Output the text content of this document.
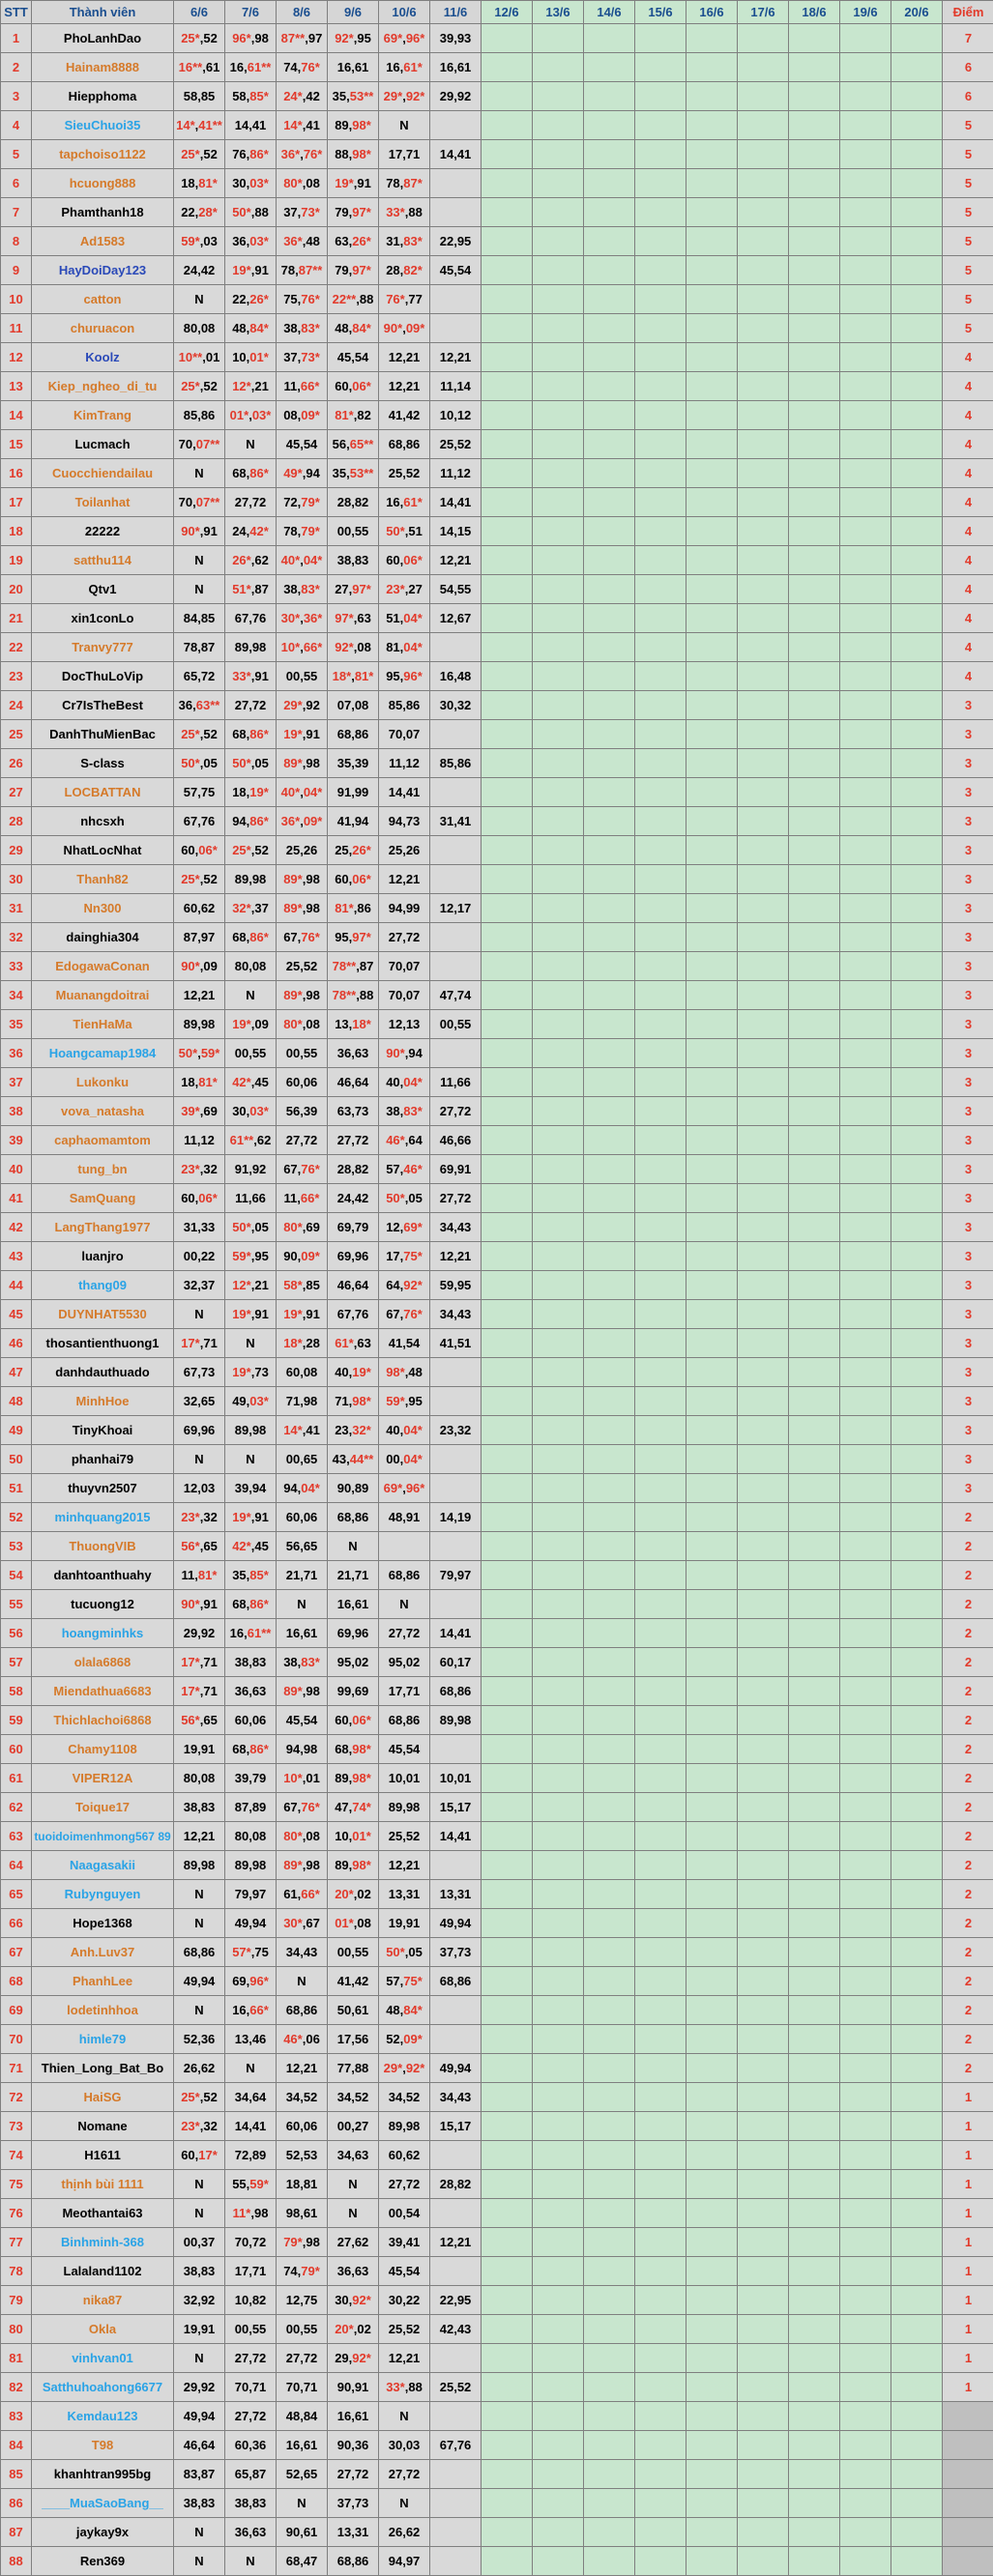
STT	Thành viên	6/6	7/6	8/6	9/6	10/6	11/6	12/6	13/6	14/6	15/6	16/6	17/6	18/6	19/6	20/6	Điểm
1	PhoLanhDao	25*,52	96*,98	87**,97	92*,95	69*,96*	39,93										7
2	Hainam8888	16**,61	16,61**	74,76*	16,61	16,61*	16,61										6
3	Hiepphoma	58,85	58,85*	24*,42	35,53**	29*,92*	29,92										6
4	SieuChuoi35	14*,41**	14,41	14*,41	89,98*	N											5
5	tapchoiso1122	25*,52	76,86*	36*,76*	88,98*	17,71	14,41										5
6	hcuong888	18,81*	30,03*	80*,08	19*,91	78,87*											5
7	Phamthanh18	22,28*	50*,88	37,73*	79,97*	33*,88											5
8	Ad1583	59*,03	36,03*	36*,48	63,26*	31,83*	22,95										5
9	HayDoiDay123	24,42	19*,91	78,87**	79,97*	28,82*	45,54										5
10	catton	N	22,26*	75,76*	22**,88	76*,77											5
11	churuacon	80,08	48,84*	38,83*	48,84*	90*,09*											5
12	Koolz	10**,01	10,01*	37,73*	45,54	12,21	12,21										4
13	Kiep_ngheo_di_tu	25*,52	12*,21	11,66*	60,06*	12,21	11,14										4
14	KimTrang	85,86	01*,03*	08,09*	81*,82	41,42	10,12										4
15	Lucmach	70,07**	N	45,54	56,65**	68,86	25,52										4
16	Cuocchiendailau	N	68,86*	49*,94	35,53**	25,52	11,12										4
17	Toilanhat	70,07**	27,72	72,79*	28,82	16,61*	14,41										4
18	22222	90*,91	24,42*	78,79*	00,55	50*,51	14,15										4
19	satthu114	N	26*,62	40*,04*	38,83	60,06*	12,21										4
20	Qtv1	N	51*,87	38,83*	27,97*	23*,27	54,55										4
21	xin1conLo	84,85	67,76	30*,36*	97*,63	51,04*	12,67										4
22	Tranvy777	78,87	89,98	10*,66*	92*,08	81,04*											4
23	DocThuLoVip	65,72	33*,91	00,55	18*,81*	95,96*	16,48										4
24	Cr7IsTheBest	36,63**	27,72	29*,92	07,08	85,86	30,32										3
25	DanhThuMienBac	25*,52	68,86*	19*,91	68,86	70,07											3
26	S-class	50*,05	50*,05	89*,98	35,39	11,12	85,86										3
27	LOCBATTAN	57,75	18,19*	40*,04*	91,99	14,41											3
28	nhcsxh	67,76	94,86*	36*,09*	41,94	94,73	31,41										3
29	NhatLocNhat	60,06*	25*,52	25,26	25,26*	25,26											3
30	Thanh82	25*,52	89,98	89*,98	60,06*	12,21											3
31	Nn300	60,62	32*,37	89*,98	81*,86	94,99	12,17										3
32	dainghia304	87,97	68,86*	67,76*	95,97*	27,72											3
33	EdogawaConan	90*,09	80,08	25,52	78**,87	70,07											3
34	Muanangdoitrai	12,21	N	89*,98	78**,88	70,07	47,74										3
35	TienHaMa	89,98	19*,09	80*,08	13,18*	12,13	00,55										3
36	Hoangcamap1984	50*,59*	00,55	00,55	36,63	90*,94											3
37	Lukonku	18,81*	42*,45	60,06	46,64	40,04*	11,66										3
38	vova_natasha	39*,69	30,03*	56,39	63,73	38,83*	27,72										3
39	caphaomamtom	11,12	61**,62	27,72	27,72	46*,64	46,66										3
40	tung_bn	23*,32	91,92	67,76*	28,82	57,46*	69,91										3
41	SamQuang	60,06*	11,66	11,66*	24,42	50*,05	27,72										3
42	LangThang1977	31,33	50*,05	80*,69	69,79	12,69*	34,43										3
43	luanjro	00,22	59*,95	90,09*	69,96	17,75*	12,21										3
44	thang09	32,37	12*,21	58*,85	46,64	64,92*	59,95										3
45	DUYNHAT5530	N	19*,91	19*,91	67,76	67,76*	34,43										3
46	thosantienthuong1	17*,71	N	18*,28	61*,63	41,54	41,51										3
47	danhdauthuado	67,73	19*,73	60,08	40,19*	98*,48											3
48	MinhHoe	32,65	49,03*	71,98	71,98*	59*,95											3
49	TinyKhoai	69,96	89,98	14*,41	23,32*	40,04*	23,32										3
50	phanhai79	N	N	00,65	43,44**	00,04*											3
51	thuyvn2507	12,03	39,94	94,04*	90,89	69*,96*											3
52	minhquang2015	23*,32	19*,91	60,06	68,86	48,91	14,19										2
53	ThuongVIB	56*,65	42*,45	56,65	N												2
54	danhtoanthuahy	11,81*	35,85*	21,71	21,71	68,86	79,97										2
55	tucuong12	90*,91	68,86*	N	16,61	N											2
56	hoangminhks	29,92	16,61**	16,61	69,96	27,72	14,41										2
57	olala6868	17*,71	38,83	38,83*	95,02	95,02	60,17										2
58	Miendathua6683	17*,71	36,63	89*,98	99,69	17,71	68,86										2
59	Thichlachoi6868	56*,65	60,06	45,54	60,06*	68,86	89,98										2
60	Chamy1108	19,91	68,86*	94,98	68,98*	45,54											2
61	VIPER12A	80,08	39,79	10*,01	89,98*	10,01	10,01										2
62	Toique17	38,83	87,89	67,76*	47,74*	89,98	15,17										2
63	tuoidoimenhmong567 89	12,21	80,08	80*,08	10,01*	25,52	14,41										2
64	Naagasakii	89,98	89,98	89*,98	89,98*	12,21											2
65	Rubynguyen	N	79,97	61,66*	20*,02	13,31	13,31										2
66	Hope1368	N	49,94	30*,67	01*,08	19,91	49,94										2
67	Anh.Luv37	68,86	57*,75	34,43	00,55	50*,05	37,73										2
68	PhanhLee	49,94	69,96*	N	41,42	57,75*	68,86										2
69	lodetinhhoa	N	16,66*	68,86	50,61	48,84*											2
70	himle79	52,36	13,46	46*,06	17,56	52,09*											2
71	Thien_Long_Bat_Bo	26,62	N	12,21	77,88	29*,92*	49,94										2
72	HaiSG	25*,52	34,64	34,52	34,52	34,52	34,43										1
73	Nomane	23*,32	14,41	60,06	00,27	89,98	15,17										1
74	H1611	60,17*	72,89	52,53	34,63	60,62											1
75	thịnh bùi 1111	N	55,59*	18,81	N	27,72	28,82										1
76	Meothantai63	N	11*,98	98,61	N	00,54											1
77	Binhminh-368	00,37	70,72	79*,98	27,62	39,41	12,21										1
78	Lalaland1102	38,83	17,71	74,79*	36,63	45,54											1
79	nika87	32,92	10,82	12,75	30,92*	30,22	22,95										1
80	Okla	19,91	00,55	00,55	20*,02	25,52	42,43										1
81	vinhvan01	N	27,72	27,72	29,92*	12,21											1
82	Satthuhoahong6677	29,92	70,71	70,71	90,91	33*,88	25,52										1
83	Kemdau123	49,94	27,72	48,84	16,61	N											
84	T98	46,64	60,36	16,61	90,36	30,03	67,76										
85	khanhtran995bg	83,87	65,87	52,65	27,72	27,72											
86	____MuaSaoBang__	38,83	38,83	N	37,73	N											
87	jaykay9x	N	36,63	90,61	13,31	26,62											
88	Ren369	N	N	68,47	68,86	94,97											
